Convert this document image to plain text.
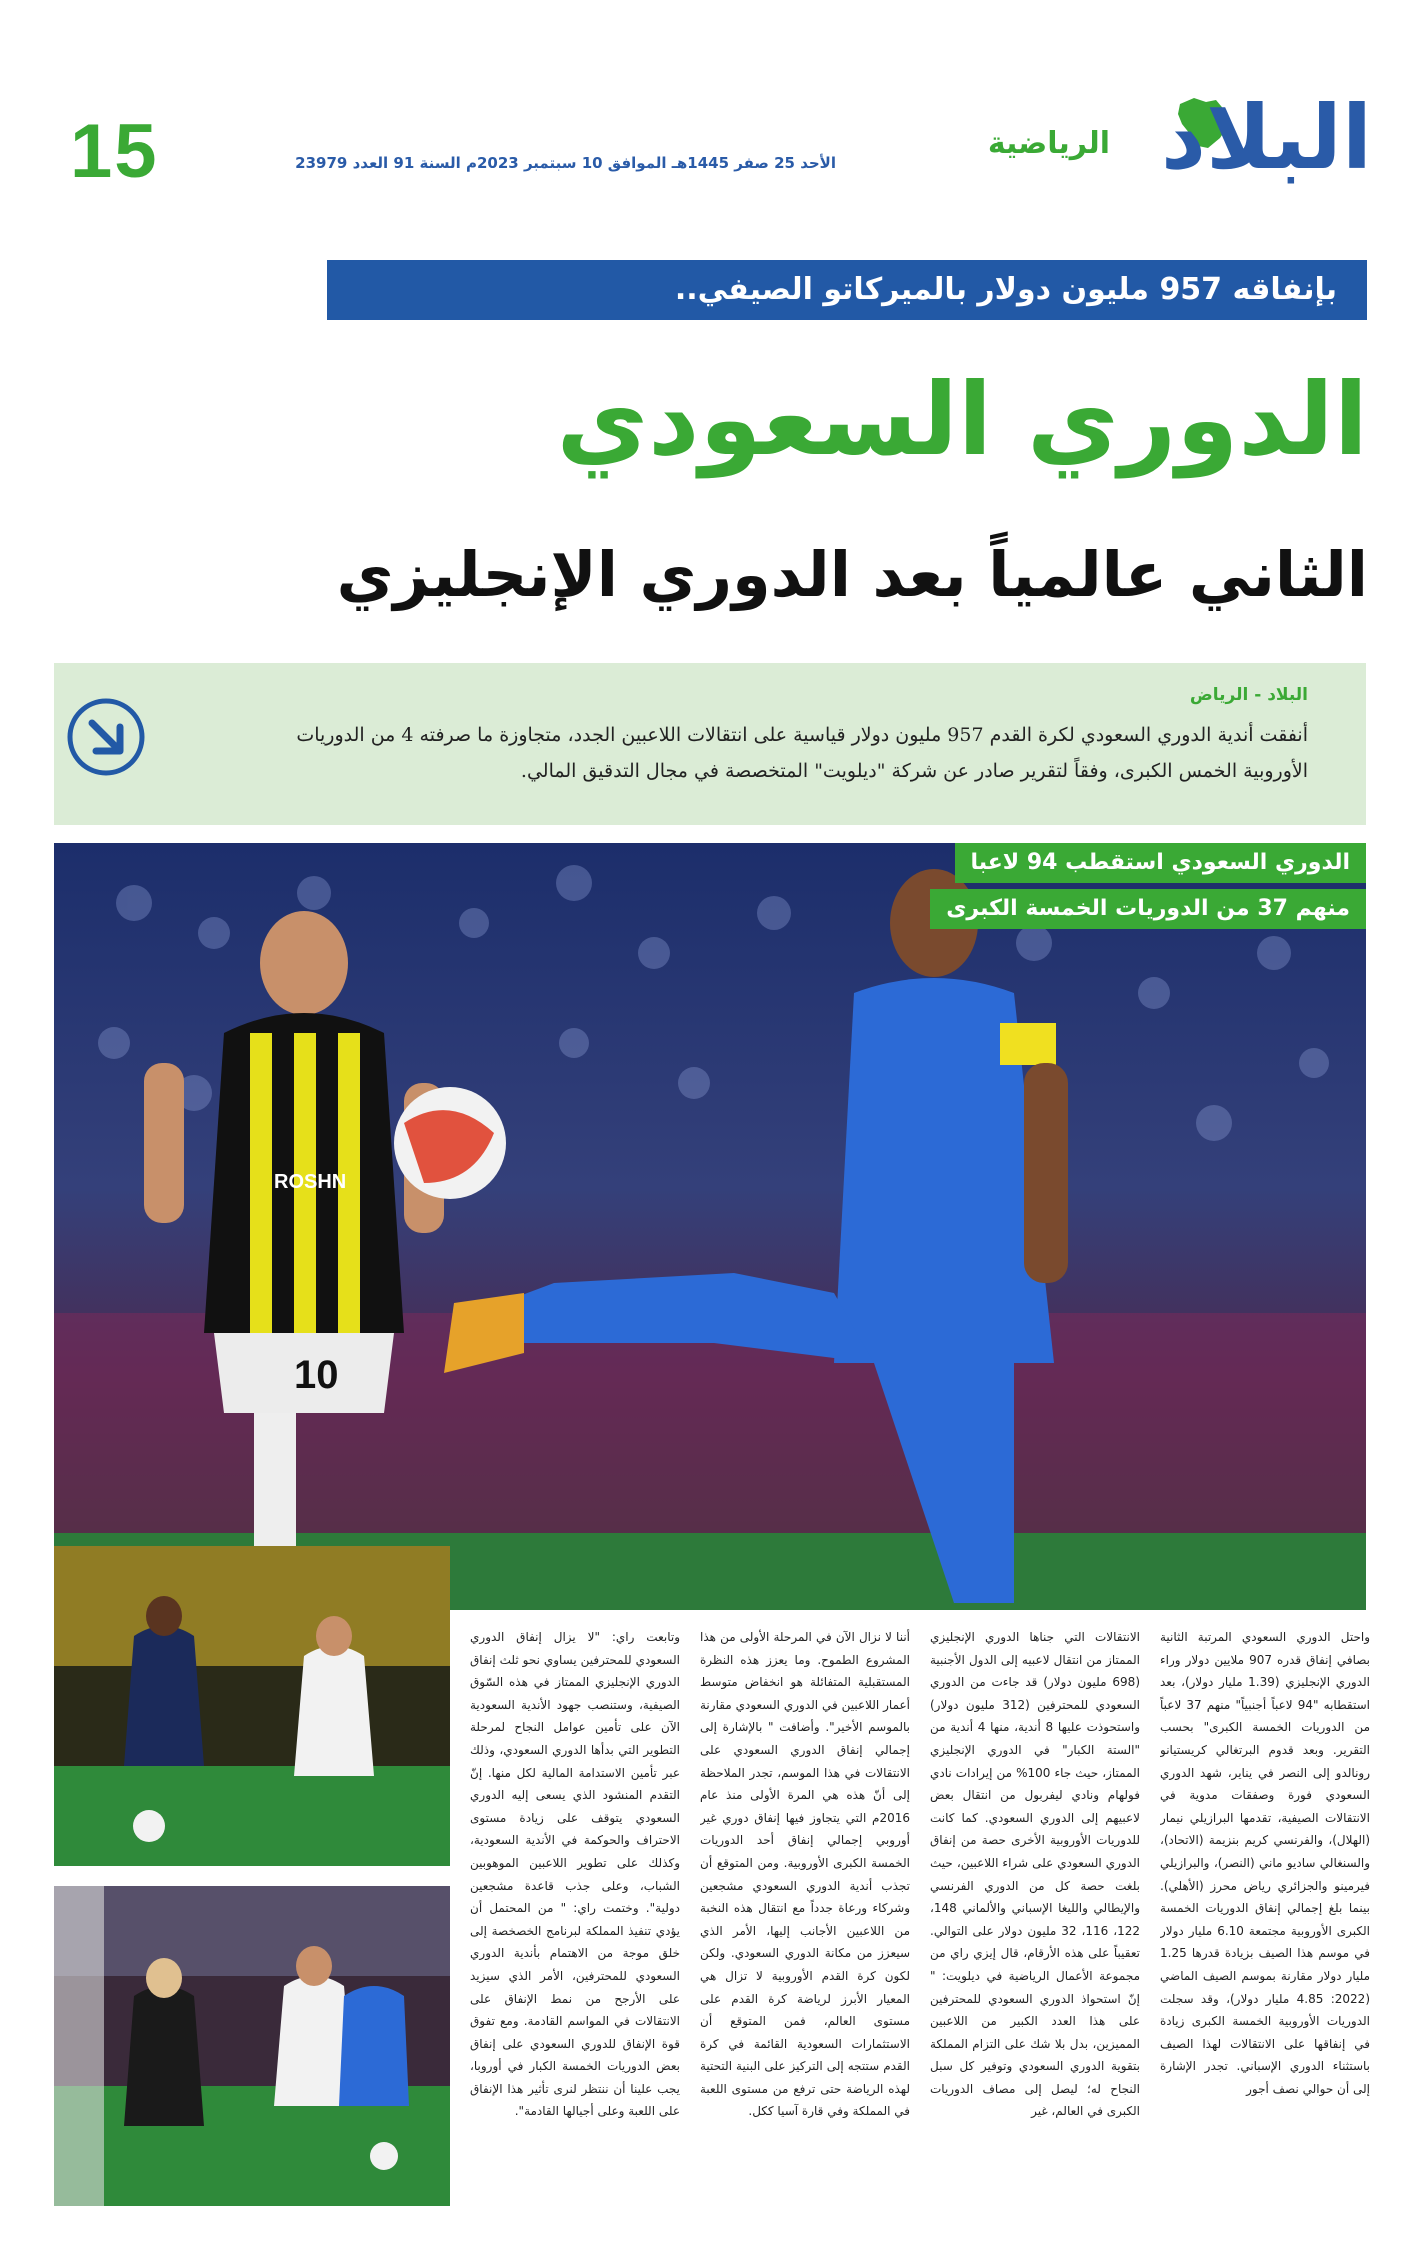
15	الأحد 25 صفر 1445هـ الموافق 10 سبتمبر 2023م السنة 91 العدد 23979	البلاد
الرياضية
بإنفاقه 957 مليون دولار بالميركاتو الصيفي..
الدوري السعودي
الثاني عالمياً بعد الدوري الإنجليزي
البلاد - الرياض

أنفقت أندية الدوري السعودي لكرة القدم 957 مليون دولار قياسية على انتقالات اللاعبين الجدد، متجاوزة ما صرفته 4 من الدوريات الأوروبية الخمس الكبرى، وفقاً لتقرير صادر عن شركة "ديلويت" المتخصصة في مجال التدقيق المالي.

ROSHN
10
الدوري السعودي استقطب 94 لاعبا
منهم 37 من الدوريات الخمسة الكبرى

واحتل الدوري السعودي المرتبة الثانية بصافي إنفاق قدره 907 ملايين دولار وراء الدوري الإنجليزي (1.39 مليار دولار)، بعد استقطابه "94 لاعباً أجنبياً" منهم 37 لاعباً من الدوريات الخمسة الكبرى" بحسب التقرير. وبعد قدوم البرتغالي كريستيانو رونالدو إلى النصر في يناير، شهد الدوري السعودي فورة وصفقات مدوية في الانتقالات الصيفية، تقدمها البرازيلي نيمار (الهلال)، والفرنسي كريم بنزيمة (الاتحاد)، والسنغالي ساديو ماني (النصر)، والبرازيلي فيرمينو والجزائري رياض محرز (الأهلي). بينما بلغ إجمالي إنفاق الدوريات الخمسة الكبرى الأوروبية مجتمعة 6.10 مليار دولار في موسم هذا الصيف بزيادة قدرها 1.25 مليار دولار مقارنة بموسم الصيف الماضي (2022: 4.85 مليار دولار)، وقد سجلت الدوريات الأوروبية الخمسة الكبرى زيادة في إنفاقها على الانتقالات لهذا الصيف باستثناء الدوري الإسباني. تجدر الإشارة إلى أن حوالي نصف أجور

الانتقالات التي جناها الدوري الإنجليزي الممتاز من انتقال لاعبيه إلى الدول الأجنبية (698 مليون دولار) قد جاءت من الدوري السعودي للمحترفين (312 مليون دولار) واستحوذت عليها 8 أندية، منها 4 أندية من "الستة الكبار" في الدوري الإنجليزي الممتاز، حيث جاء 100% من إيرادات نادي فولهام ونادي ليفربول من انتقال بعض لاعبيهم إلى الدوري السعودي. كما كانت للدوريات الأوروبية الأخرى حصة من إنفاق الدوري السعودي على شراء اللاعبين، حيث بلغت حصة كل من الدوري الفرنسي والإيطالي والليغا الإسباني والألماني 148، 122، 116، 32 مليون دولار على التوالي. تعقيباً على هذه الأرقام، قال إيزي راي من مجموعة الأعمال الرياضية في ديلويت: " إنّ استحواذ الدوري السعودي للمحترفين على هذا العدد الكبير من اللاعبين المميزين، بدل بلا شك على التزام المملكة بتقوية الدوري السعودي وتوفير كل سبل النجاح له؛ ليصل إلى مصاف الدوريات الكبرى في العالم، غير

أننا لا نزال الآن في المرحلة الأولى من هذا المشروع الطموح. وما يعزز هذه النظرة المستقبلية المتفائلة هو انخفاض متوسط أعمار اللاعبين في الدوري السعودي مقارنة بالموسم الأخير". وأضافت " بالإشارة إلى إجمالي إنفاق الدوري السعودي على الانتقالات في هذا الموسم، تجدر الملاحظة إلى أنّ هذه هي المرة الأولى منذ عام 2016م التي يتجاوز فيها إنفاق دوري غير أوروبي إجمالي إنفاق أحد الدوريات الخمسة الكبرى الأوروبية. ومن المتوقع أن تجذب أندية الدوري السعودي مشجعين وشركاء ورعاة جدداً مع انتقال هذه النخبة من اللاعبين الأجانب إليها، الأمر الذي سيعزز من مكانة الدوري السعودي. ولكن لكون كرة القدم الأوروبية لا تزال هي المعيار الأبرز لرياضة كرة القدم على مستوى العالم، فمن المتوقع أن الاستثمارات السعودية القائمة في كرة القدم ستتجه إلى التركيز على البنية التحتية لهذه الرياضة حتى ترفع من مستوى اللعبة في المملكة وفي قارة آسيا ككل.

وتابعت راي: "لا يزال إنفاق الدوري السعودي للمحترفين يساوي نحو ثلث إنفاق الدوري الإنجليزي الممتاز في هذه السّوق الصيفية، وستنصب جهود الأندية السعودية الآن على تأمين عوامل النجاح لمرحلة التطوير التي بدأها الدوري السعودي، وذلك عبر تأمين الاستدامة المالية لكل منها. إنّ التقدم المنشود الذي يسعى إليه الدوري السعودي يتوقف على زيادة مستوى الاحتراف والحوكمة في الأندية السعودية، وكذلك على تطوير اللاعبين الموهوبين الشباب، وعلى جذب قاعدة مشجعين دولية". وختمت راي: " من المحتمل أن يؤدي تنفيذ المملكة لبرنامج الخصخصة إلى خلق موجة من الاهتمام بأندية الدوري السعودي للمحترفين، الأمر الذي سيزيد على الأرجح من نمط الإنفاق على الانتقالات في المواسم القادمة. ومع تفوق قوة الإنفاق للدوري السعودي على إنفاق بعض الدوريات الخمسة الكبار في أوروبا، يجب علينا أن ننتظر لنرى تأثير هذا الإنفاق على اللعبة وعلى أجيالها القادمة".
